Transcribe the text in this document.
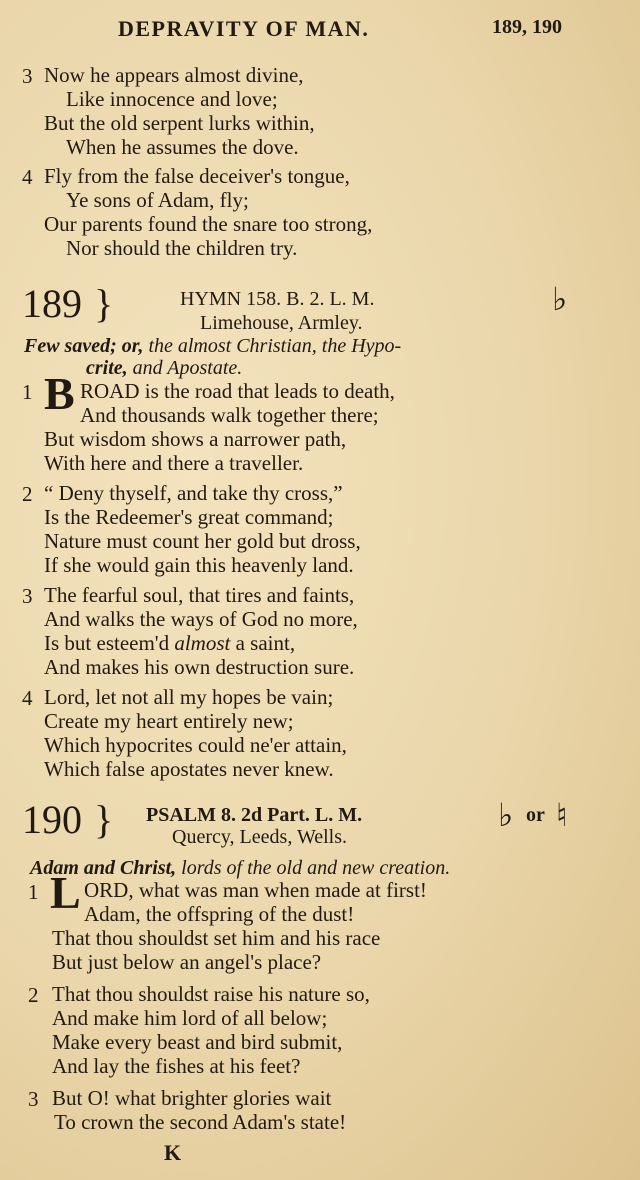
DEPRAVITY OF MAN.	189, 190
3 Now he appears almost divine,
Like innocence and love;
But the old serpent lurks within,
When he assumes the dove.
4 Fly from the false deceiver's tongue,
Ye sons of Adam, fly;
Our parents found the snare too strong,
Nor should the children try.
189 }	HYMN 158. B. 2. L. M.	♭
Limehouse, Armley.
Few saved; or, the almost Christian, the Hypo-
crite, and Apostate.
1 B ROAD is the road that leads to death,
And thousands walk together there;
But wisdom shows a narrower path,
With here and there a traveller.
2 “ Deny thyself, and take thy cross,”
Is the Redeemer's great command;
Nature must count her gold but dross,
If she would gain this heavenly land.
3 The fearful soul, that tires and faints,
And walks the ways of God no more,
Is but esteem'd almost a saint,
And makes his own destruction sure.
4 Lord, let not all my hopes be vain;
Create my heart entirely new;
Which hypocrites could ne'er attain,
Which false apostates never knew.
190 } PSALM 8. 2d Part. L. M.	♭ or ♮
Quercy, Leeds, Wells.
Adam and Christ, lords of the old and new creation.
1 L ORD, what was man when made at first!
Adam, the offspring of the dust!
That thou shouldst set him and his race
But just below an angel's place?
2 That thou shouldst raise his nature so,
And make him lord of all below;
Make every beast and bird submit,
And lay the fishes at his feet?
3 But O! what brighter glories wait
To crown the second Adam's state!
K
